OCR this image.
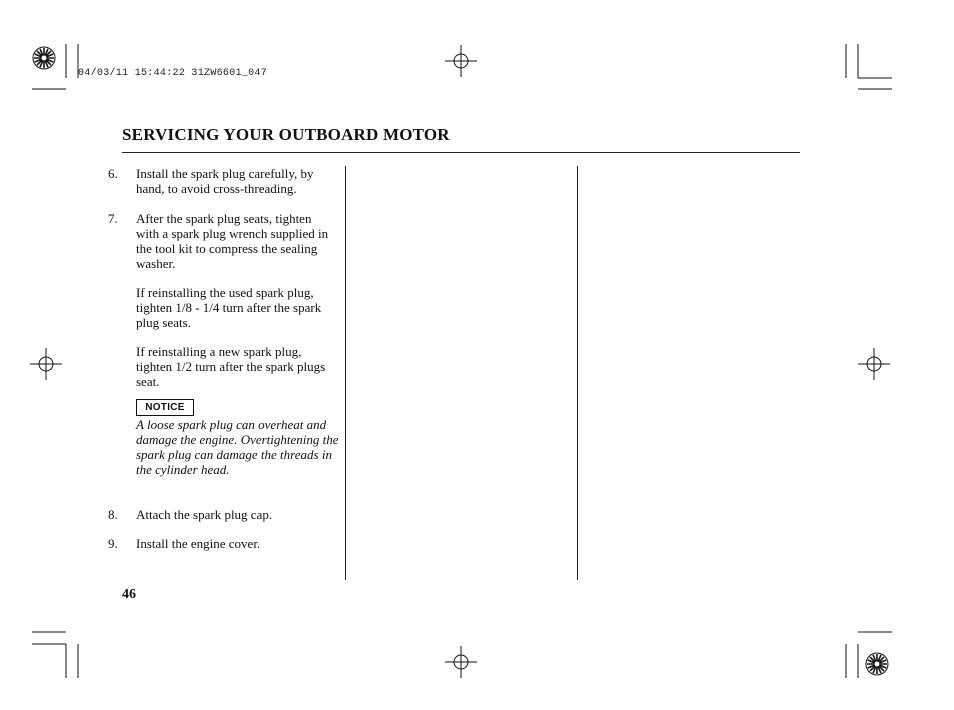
04/03/11 15:44:22 31ZW6601_047
SERVICING YOUR OUTBOARD MOTOR
6. Install the spark plug carefully, by hand, to avoid cross-threading.
7. After the spark plug seats, tighten with a spark plug wrench supplied in the tool kit to compress the sealing washer.
If reinstalling the used spark plug, tighten 1/8 - 1/4 turn after the spark plug seats.
If reinstalling a new spark plug, tighten 1/2 turn after the spark plugs seat.
NOTICE
A loose spark plug can overheat and damage the engine. Overtightening the spark plug can damage the threads in the cylinder head.
8. Attach the spark plug cap.
9. Install the engine cover.
46
